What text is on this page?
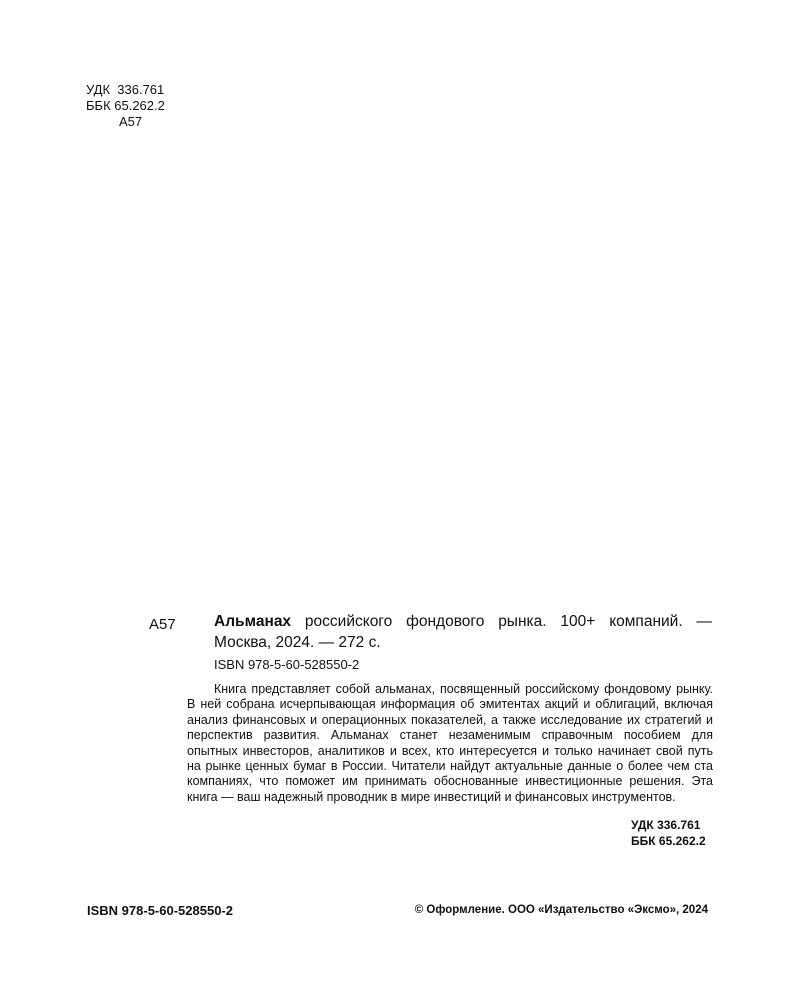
УДК  336.761
ББК 65.262.2
А57
А57 Альманах российского фондового рынка. 100+ компаний. — Москва, 2024. — 272 с.
ISBN 978-5-60-528550-2
Книга представляет собой альманах, посвященный российскому фондовому рынку. В ней собрана исчерпывающая информация об эмитентах акций и облигаций, включая анализ финансовых и операционных показателей, а также исследование их стратегий и перспектив развития. Альманах станет незаменимым справочным пособием для опытных инвесторов, аналитиков и всех, кто интересуется и только начинает свой путь на рынке ценных бумаг в России. Читатели найдут актуальные данные о более чем ста компаниях, что поможет им принимать обоснованные инвестиционные решения. Эта книга — ваш надежный проводник в мире инвестиций и финансовых инструментов.
УДК 336.761
ББК 65.262.2
ISBN 978-5-60-528550-2	© Оформление. ООО «Издательство «Эксмо», 2024
